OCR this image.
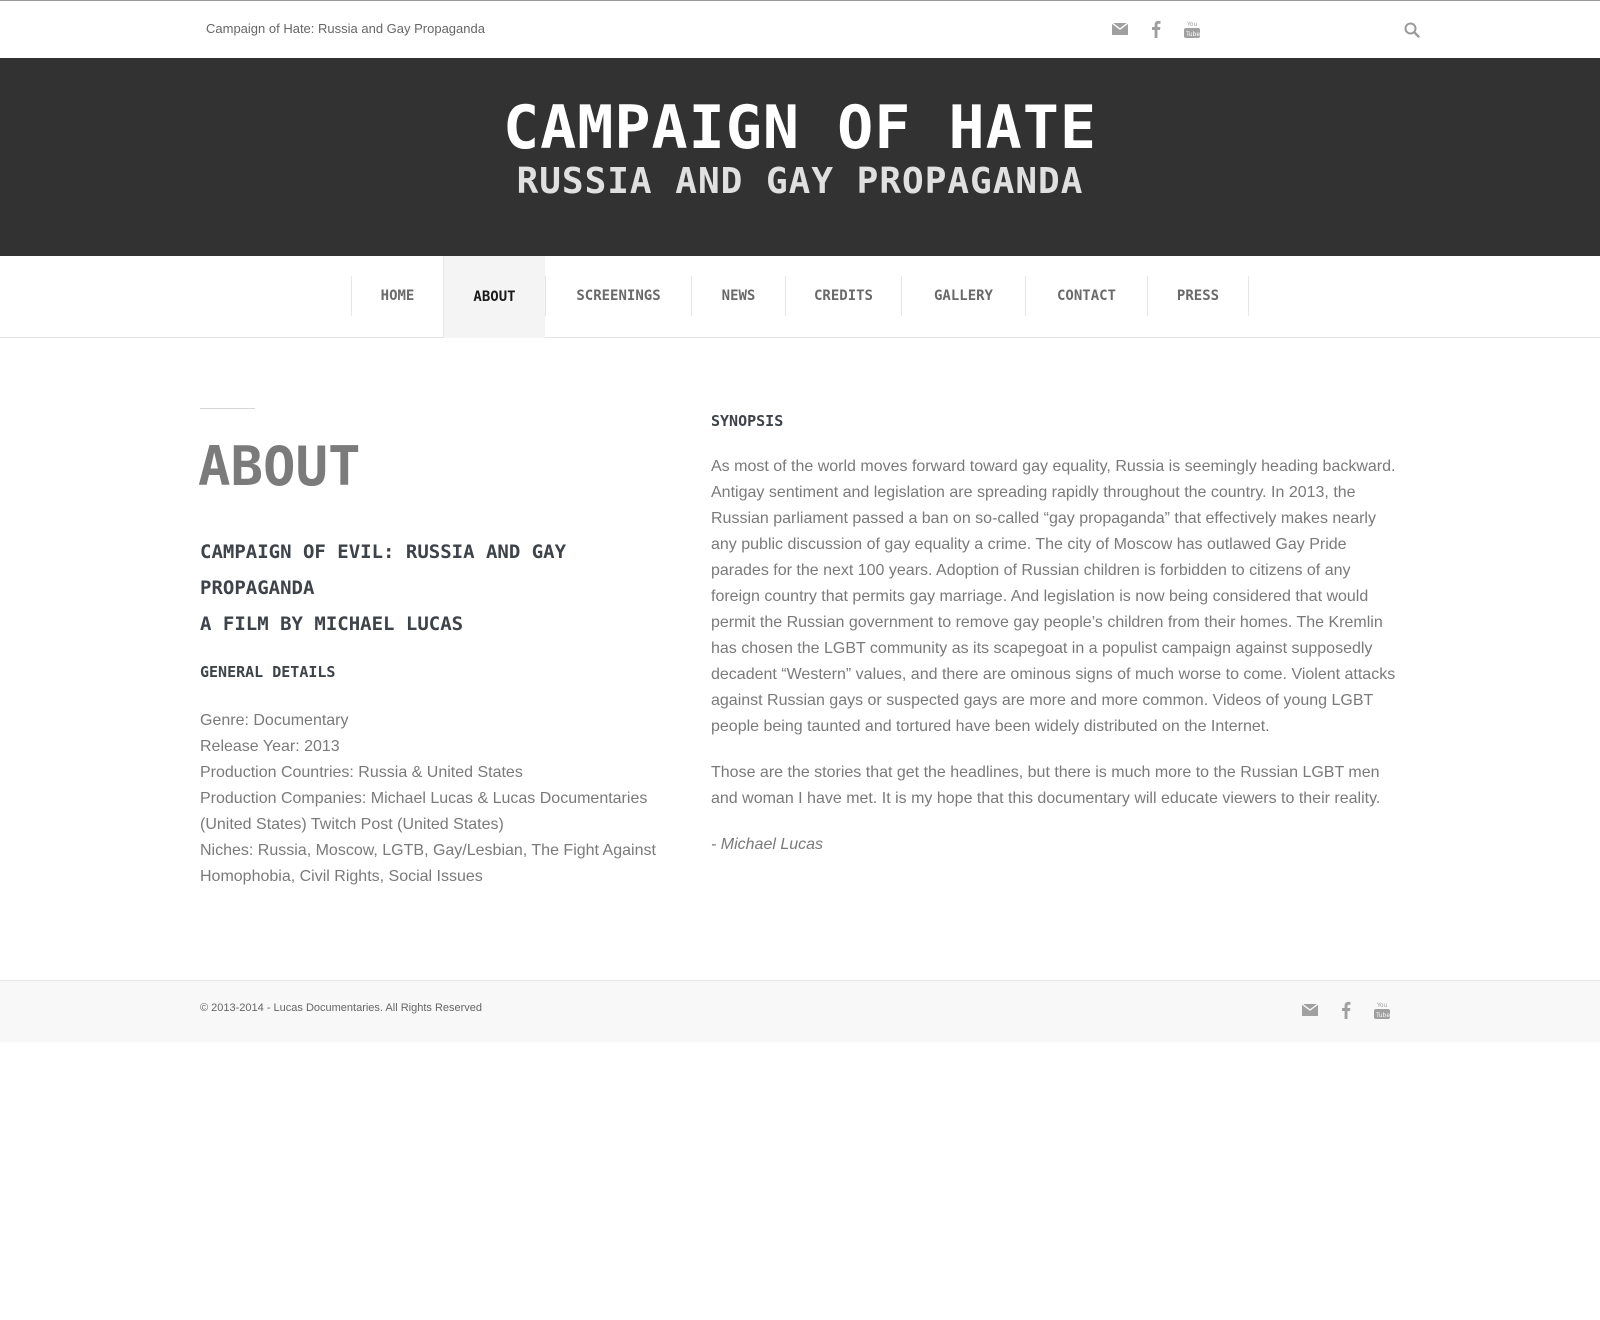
Campaign of Hate: Russia and Gay Propaganda	You
Tube
CAMPAIGN OF HATE
RUSSIA AND GAY PROPAGANDA
HOME	ABOUT	SCREENINGS	NEWS	CREDITS	GALLERY	CONTACT	PRESS
ABOUT
CAMPAIGN OF EVIL: RUSSIA AND GAY PROPAGANDA
A FILM BY MICHAEL LUCAS
GENERAL DETAILS
Genre: Documentary
Release Year: 2013
Production Countries: Russia & United States
Production Companies: Michael Lucas & Lucas Documentaries (United States) Twitch Post (United States)
Niches: Russia, Moscow, LGTB, Gay/Lesbian, The Fight Against Homophobia, Civil Rights, Social Issues
SYNOPSIS

As most of the world moves forward toward gay equality, Russia is seemingly heading backward. Antigay sentiment and legislation are spreading rapidly throughout the country. In 2013, the Russian parliament passed a ban on so-called “gay propaganda” that effectively makes nearly any public discussion of gay equality a crime. The city of Moscow has outlawed Gay Pride parades for the next 100 years. Adoption of Russian children is forbidden to citizens of any foreign country that permits gay marriage. And legislation is now being considered that would permit the Russian government to remove gay people’s children from their homes. The Kremlin has chosen the LGBT community as its scapegoat in a populist campaign against supposedly decadent “Western” values, and there are ominous signs of much worse to come. Violent attacks against Russian gays or suspected gays are more and more common. Videos of young LGBT people being taunted and tortured have been widely distributed on the Internet.

Those are the stories that get the headlines, but there is much more to the Russian LGBT men and woman I have met. It is my hope that this documentary will educate viewers to their reality.

- Michael Lucas

© 2013-2014 - Lucas Documentaries. All Rights Reserved	You
Tube
